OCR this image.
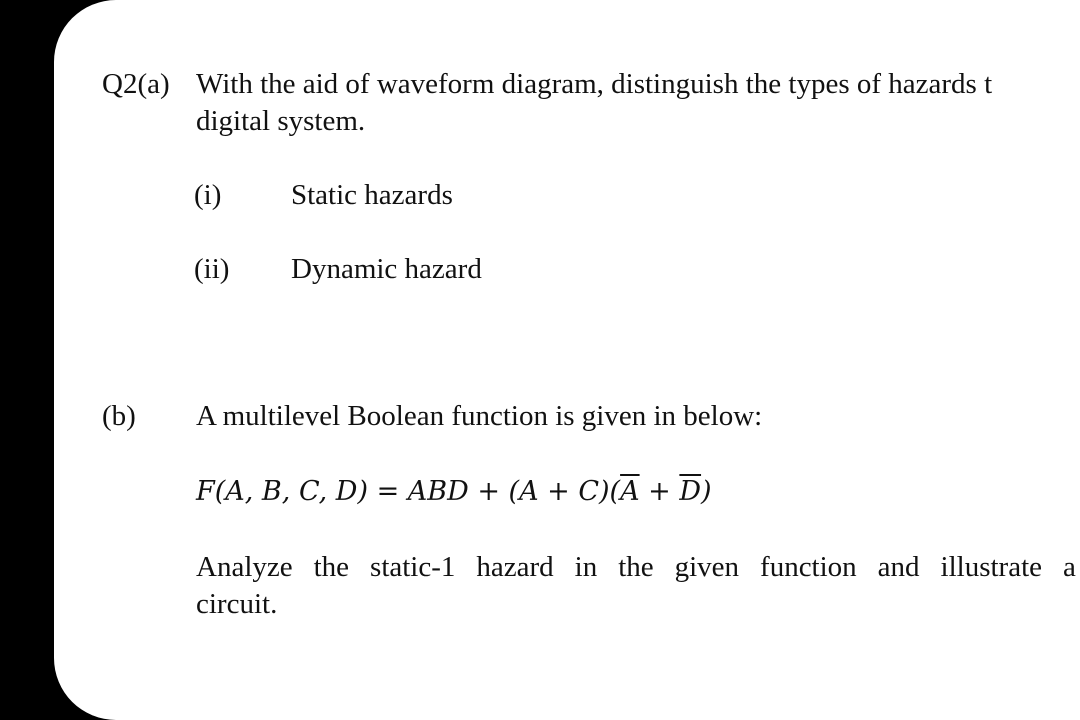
Q2(a) With the aid of waveform diagram, distinguish the types of hazards t
digital system.
(i) Static hazards
(ii) Dynamic hazard
(b) A multilevel Boolean function is given in below:
F(A, B, C, D) = ABD + $(A + C)(\overline{A} + \overline{D})$
Analyze the static-1 hazard in the given function and illustrate a
circuit.
